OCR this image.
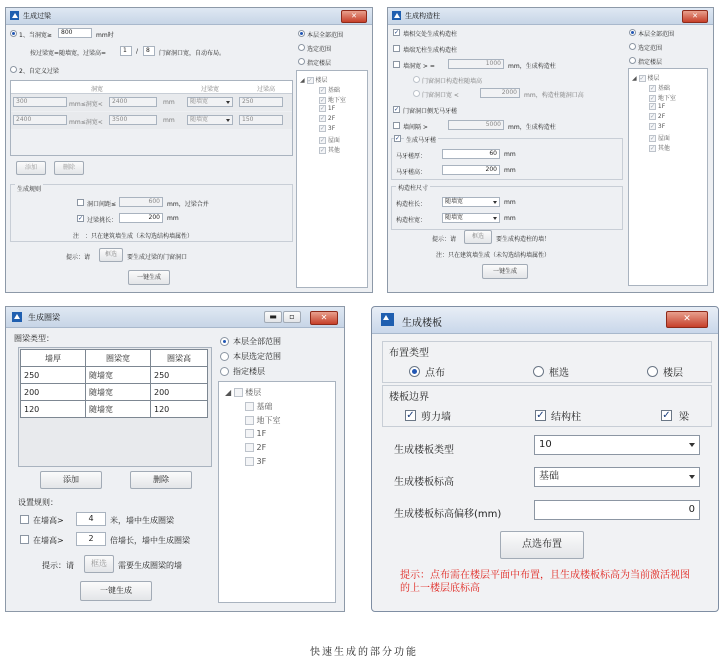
生成过梁	✕
1、当洞宽≥	800	mm时
按过梁宽=随墙宽，过梁高=	1	/	8	门窗洞口宽，自动布局。
2、自定义过梁
洞宽	过梁宽	过梁高
300	mm≤洞宽<	2400	mm	随墙宽	250
2400	mm≤洞宽<	3500	mm	随墙宽	150
添加	删除
生成规则
洞口间距≤	600	mm，过梁合并
✓
过梁挑长：	200	mm
注　：只在建筑墙生成（未勾选结构墙属性）
提示：请	框选	要生成过梁的门窗洞口
一键生成
本层全部范围
选定范围
指定楼层
◢ ✓ 楼层
✓ 基础
✓ 地下室
✓ 1F
✓ 2F
✓ 3F
✓ 屋面
✓ 其他
生成构造柱	✕
✓
墙相交处生成构造柱
墙端无柱生成构造柱
墙洞宽 > =	1000	mm，生成构造柱
门窗洞口构造柱随墙高
门窗洞口宽 <	2000	mm，构造柱随洞口高
✓
门窗洞口侧无马牙槎
墙间隔 >	5000	mm，生成构造柱
✓
生成马牙槎
马牙槎厚：	60	mm
马牙槎高：	200	mm
构造柱尺寸
构造柱长：	随墙宽	mm
构造柱宽：	随墙宽	mm
提示：请	框选	要生成构造柱的墙！
注：只在建筑墙生成（未勾选结构墙属性）
一键生成
本层全部范围
选定范围
指定楼层
◢ ✓ 楼层
✓ 基础
✓ 地下室
✓ 1F
✓ 2F
✓ 3F
✓ 屋面
✓ 其他
生成圈梁	▬	▫	✕
圈梁类型：
墙厚	圈梁宽	圈梁高
250	随墙宽	250
200	随墙宽	200
120	随墙宽	120
添加	删除
设置规则：
在墙高>	4	米，墙中生成圈梁
在墙高>	2	倍墙长，墙中生成圈梁
提示：请	框选	需要生成圈梁的墙
一键生成
本层全部范围
本层选定范围
指定楼层
◢  楼层
基础
地下室
1F
2F
3F
生成楼板	✕
布置类型
点布	框选	楼层
楼板边界
✓
剪力墙 ✓	结构柱 ✓	梁
生成楼板类型
10
生成楼板标高
基础
生成楼板标高偏移(mm)	0
点选布置
提示：点布需在楼层平面中布置，且生成楼板标高为当前激活视图的上一楼层底标高
快速生成的部分功能
